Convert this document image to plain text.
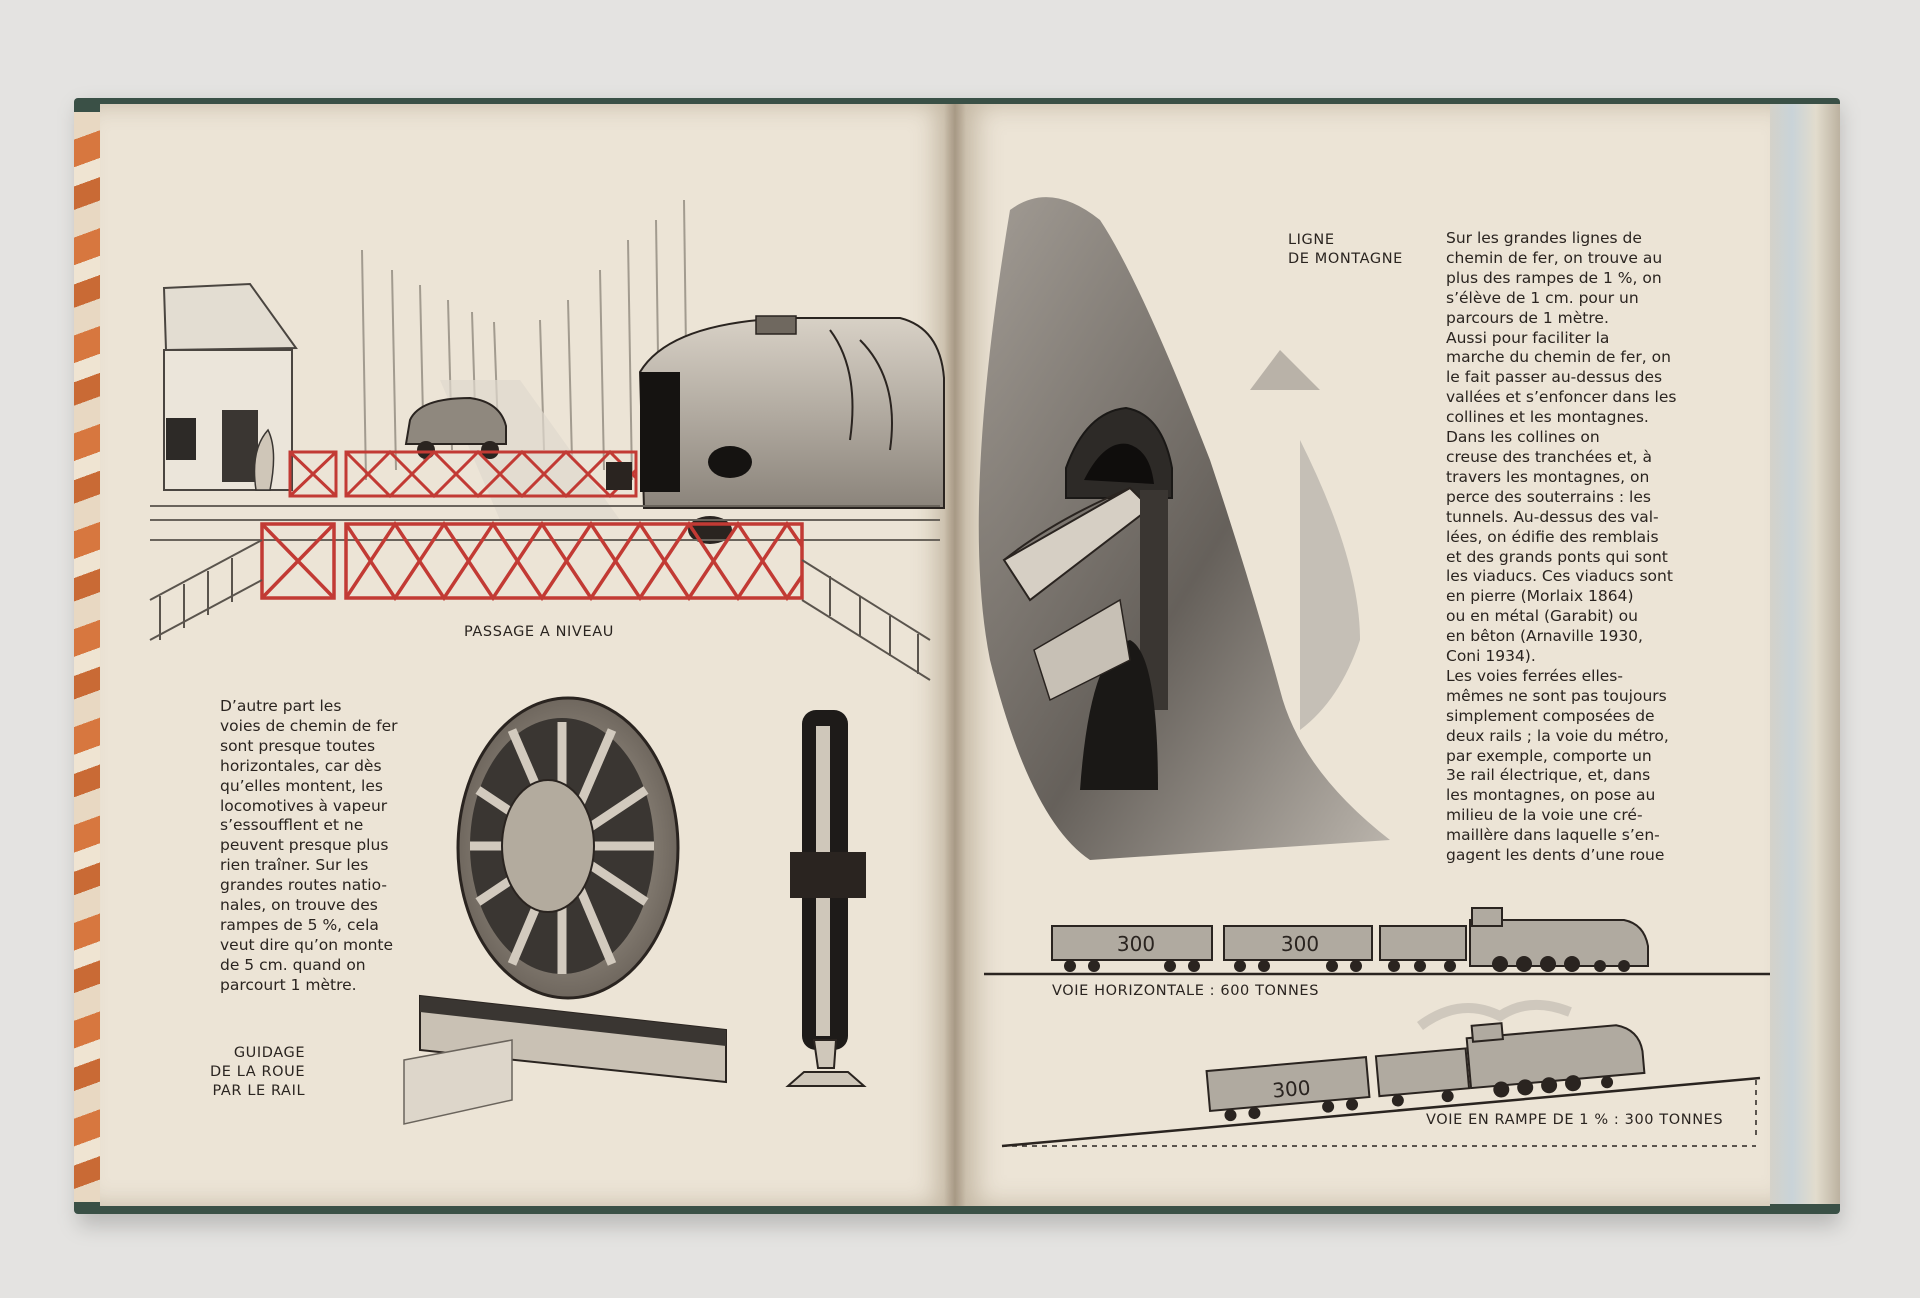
300	300
300

PASSAGE A NIVEAU

D’autre part les
voies de chemin de fer
sont presque toutes
horizontales, car dès
qu’elles montent, les
locomotives à vapeur
s’essoufflent et ne
peuvent presque plus
rien traîner. Sur les
grandes routes natio-
nales, on trouve des
rampes de 5 %, cela
veut dire qu’on monte
de 5 cm. quand on
parcourt 1 mètre.

GUIDAGE
DE LA ROUE
PAR LE RAIL

LIGNE
DE MONTAGNE

Sur les grandes lignes de
chemin de fer, on trouve au
plus des rampes de 1 %, on
s’élève de 1 cm. pour un
parcours de 1 mètre.
Aussi pour faciliter la
marche du chemin de fer,
le fait passer au-dessus des
vallées et s’enfoncer dans
collines et les montagnes.
Dans les collines on
creuse des tranchées et, à
travers les montagnes, on
perce des souterrains : les
tunnels. Au-dessus des val-
lées, on édifie des remblais
et des grands ponts qui sont
les viaducs. Ces viaducs sont
en pierre (Morlaix 1864)
ou en métal (Garabit) ou
en bêton (Arnaville 1930,
Coni 1934).
Les voies ferrées elles-
mêmes ne sont pas toujours
simplement composées de
deux rails ; la voie du métro,
par exemple, comporte un
3e rail électrique, et, dans
les montagnes, on pose au
milieu de la voie une cré-
maillère dans laquelle s’en-
gagent les dents d’une roue

VOIE HORIZONTALE : 600 TONNES

VOIE EN RAMPE DE 1 % : 300 TONNES
